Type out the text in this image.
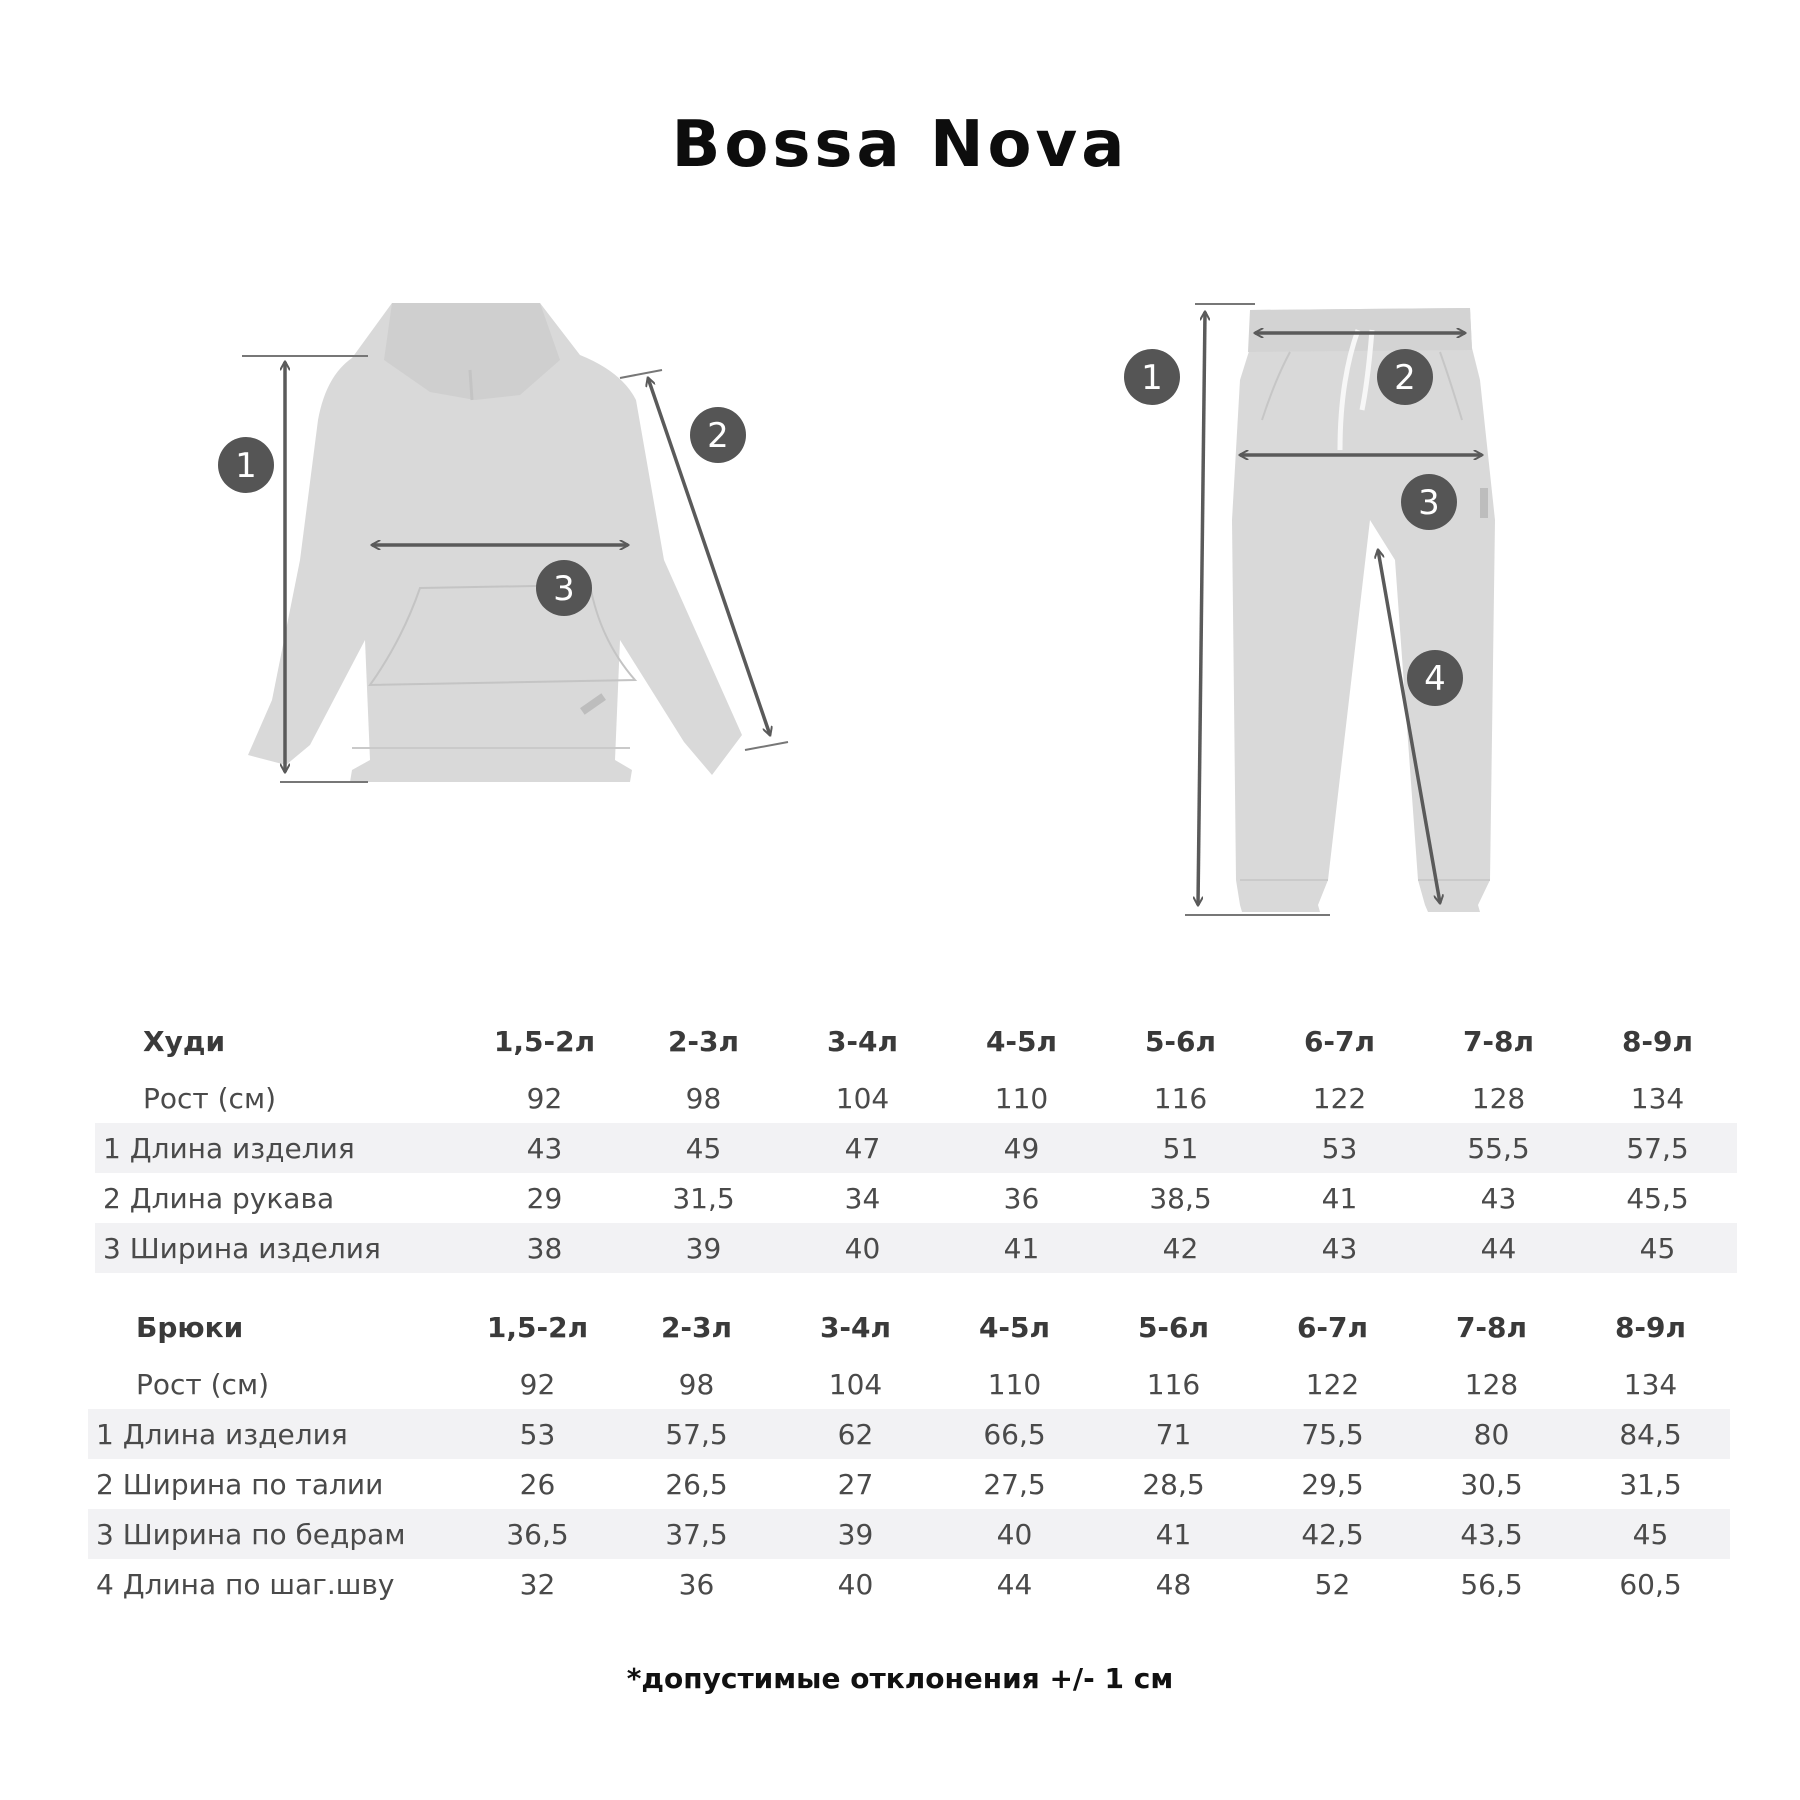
Bossa Nova
1
2
3
1	2
3
4
Худи	1,5-2л	2-3л	3-4л	4-5л	5-6л	6-7л	7-8л	8-9л
Рост (см)	92	98	104	110	116	122	128	134
1 Длина изделия	43	45	47	49	51	53	55,5	57,5
2 Длина рукава	29	31,5	34	36	38,5	41	43	45,5
3 Ширина изделия	38	39	40	41	42	43	44	45
Брюки	1,5-2л	2-3л	3-4л	4-5л	5-6л	6-7л	7-8л	8-9л
Рост (см)	92	98	104	110	116	122	128	134
1 Длина изделия	53	57,5	62	66,5	71	75,5	80	84,5
2 Ширина по талии	26	26,5	27	27,5	28,5	29,5	30,5	31,5
3 Ширина по бедрам	36,5	37,5	39	40	41	42,5	43,5	45
4 Длина по шаг.шву	32	36	40	44	48	52	56,5	60,5
*допустимые отклонения +/- 1 см
